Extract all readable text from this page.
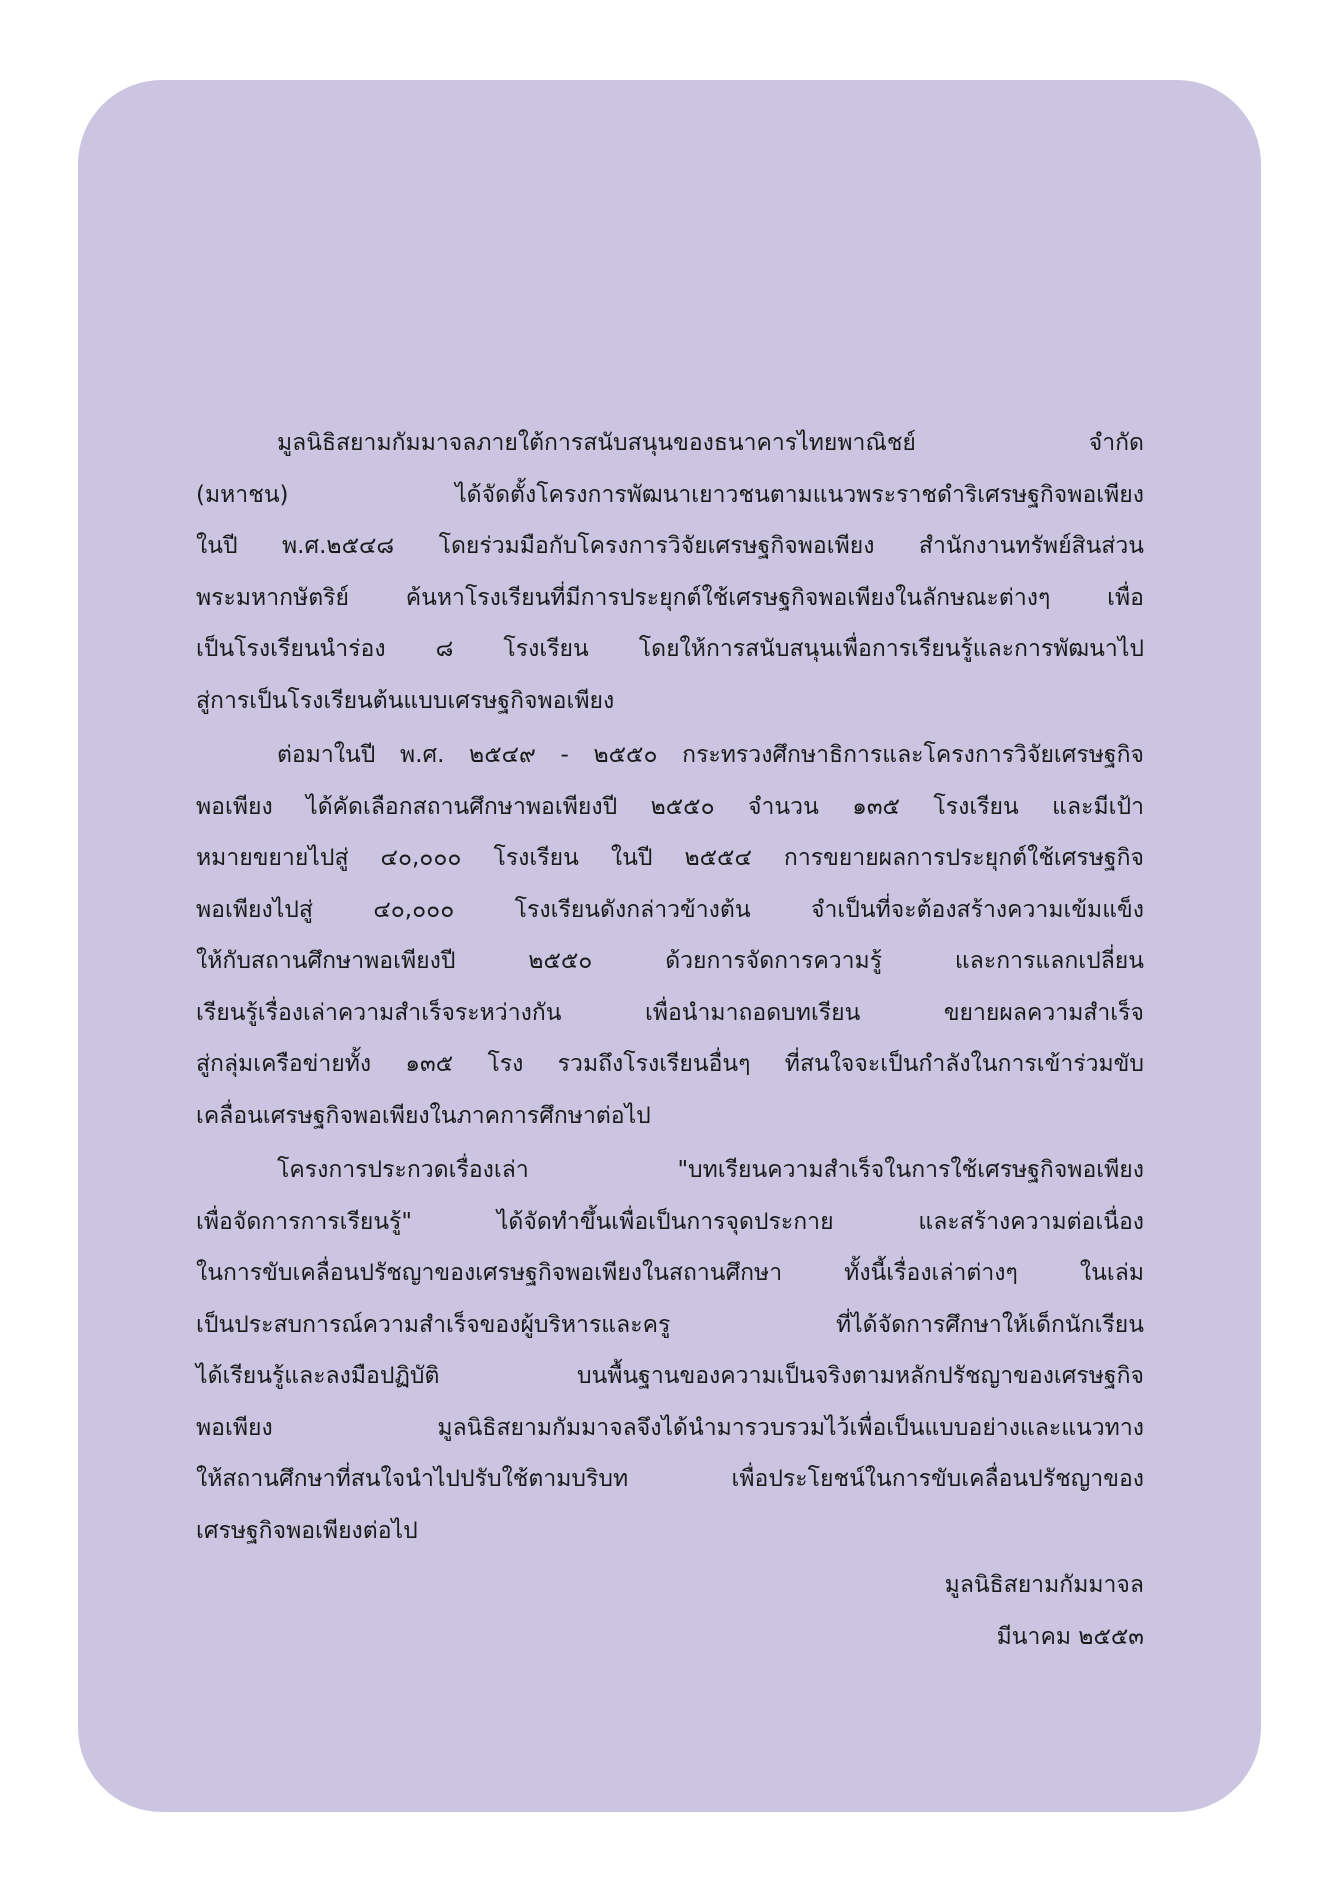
มูลนิธิสยามกัมมาจลภายใต้การสนับสนุนของธนาคารไทยพาณิชย์ จำกัด
(มหาชน) ได้จัดตั้งโครงการพัฒนาเยาวชนตามแนวพระราชดำริเศรษฐกิจพอเพียง
ในปี พ.ศ.๒๕๔๘ โดยร่วมมือกับโครงการวิจัยเศรษฐกิจพอเพียง สำนักงานทรัพย์สินส่วน
พระมหากษัตริย์ ค้นหาโรงเรียนที่มีการประยุกต์ใช้เศรษฐกิจพอเพียงในลักษณะต่างๆ เพื่อ
เป็นโรงเรียนนำร่อง ๘ โรงเรียน โดยให้การสนับสนุนเพื่อการเรียนรู้และการพัฒนาไป
สู่การเป็นโรงเรียนต้นแบบเศรษฐกิจพอเพียง
ต่อมาในปี พ.ศ. ๒๕๔๙ - ๒๕๕๐ กระทรวงศึกษาธิการและโครงการวิจัยเศรษฐกิจ
พอเพียง ได้คัดเลือกสถานศึกษาพอเพียงปี ๒๕๕๐ จำนวน ๑๓๕ โรงเรียน และมีเป้า
หมายขยายไปสู่ ๔๐,๐๐๐ โรงเรียน ในปี ๒๕๕๔ การขยายผลการประยุกต์ใช้เศรษฐกิจ
พอเพียงไปสู่ ๔๐,๐๐๐ โรงเรียนดังกล่าวข้างต้น จำเป็นที่จะต้องสร้างความเข้มแข็ง
ให้กับสถานศึกษาพอเพียงปี ๒๕๕๐ ด้วยการจัดการความรู้ และการแลกเปลี่ยน
เรียนรู้เรื่องเล่าความสำเร็จระหว่างกัน เพื่อนำมาถอดบทเรียน ขยายผลความสำเร็จ
สู่กลุ่มเครือข่ายทั้ง ๑๓๕ โรง รวมถึงโรงเรียนอื่นๆ ที่สนใจจะเป็นกำลังในการเข้าร่วมขับ
เคลื่อนเศรษฐกิจพอเพียงในภาคการศึกษาต่อไป
โครงการประกวดเรื่องเล่า "บทเรียนความสำเร็จในการใช้เศรษฐกิจพอเพียง
เพื่อจัดการการเรียนรู้" ได้จัดทำขึ้นเพื่อเป็นการจุดประกาย และสร้างความต่อเนื่อง
ในการขับเคลื่อนปรัชญาของเศรษฐกิจพอเพียงในสถานศึกษา ทั้งนี้เรื่องเล่าต่างๆ ในเล่ม
เป็นประสบการณ์ความสำเร็จของผู้บริหารและครู ที่ได้จัดการศึกษาให้เด็กนักเรียน
ได้เรียนรู้และลงมือปฏิบัติ บนพื้นฐานของความเป็นจริงตามหลักปรัชญาของเศรษฐกิจ
พอเพียง มูลนิธิสยามกัมมาจลจึงได้นำมารวบรวมไว้เพื่อเป็นแบบอย่างและแนวทาง
ให้สถานศึกษาที่สนใจนำไปปรับใช้ตามบริบท เพื่อประโยชน์ในการขับเคลื่อนปรัชญาของ
เศรษฐกิจพอเพียงต่อไป
มูลนิธิสยามกัมมาจล
มีนาคม ๒๕๕๓
